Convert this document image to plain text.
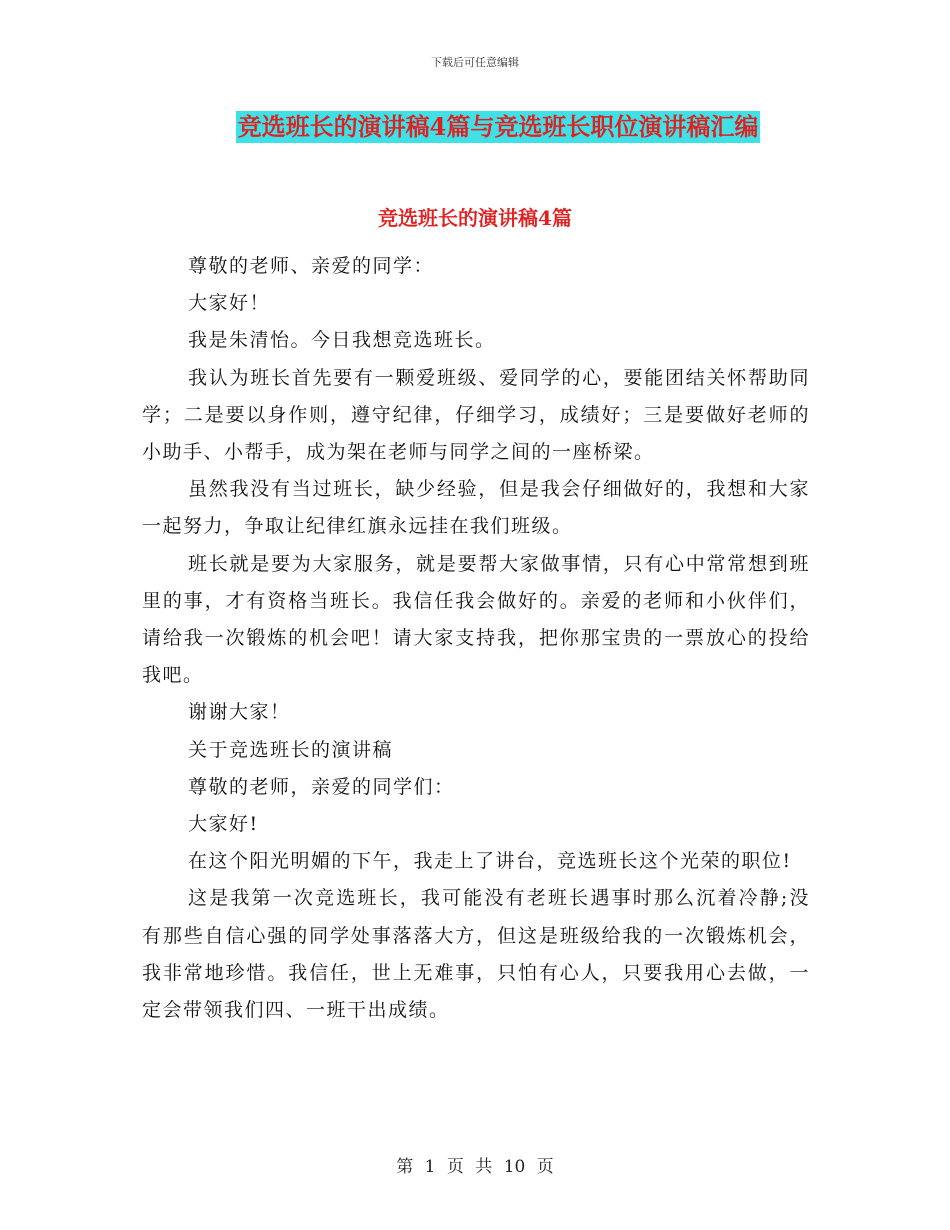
下载后可任意编辑
竞选班长的演讲稿4篇与竞选班长职位演讲稿汇编
竞选班长的演讲稿4篇

尊敬的老师、亲爱的同学：

大家好！

我是朱清怡。今日我想竞选班长。

我认为班长首先要有一颗爱班级、爱同学的心，要能团结关怀帮助同学；二是要以身作则，遵守纪律，仔细学习，成绩好；三是要做好老师的小助手、小帮手，成为架在老师与同学之间的一座桥梁。

虽然我没有当过班长，缺少经验，但是我会仔细做好的，我想和大家一起努力，争取让纪律红旗永远挂在我们班级。

班长就是要为大家服务，就是要帮大家做事情，只有心中常常想到班里的事，才有资格当班长。我信任我会做好的。亲爱的老师和小伙伴们，请给我一次锻炼的机会吧！请大家支持我，把你那宝贵的一票放心的投给我吧。

谢谢大家！

关于竞选班长的演讲稿

尊敬的老师，亲爱的同学们：

大家好!

在这个阳光明媚的下午，我走上了讲台，竞选班长这个光荣的职位!

这是我第一次竞选班长，我可能没有老班长遇事时那么沉着冷静;没有那些自信心强的同学处事落落大方，但这是班级给我的一次锻炼机会，我非常地珍惜。我信任，世上无难事，只怕有心人，只要我用心去做，一定会带领我们四、一班干出成绩。

第 1 页 共 10 页
